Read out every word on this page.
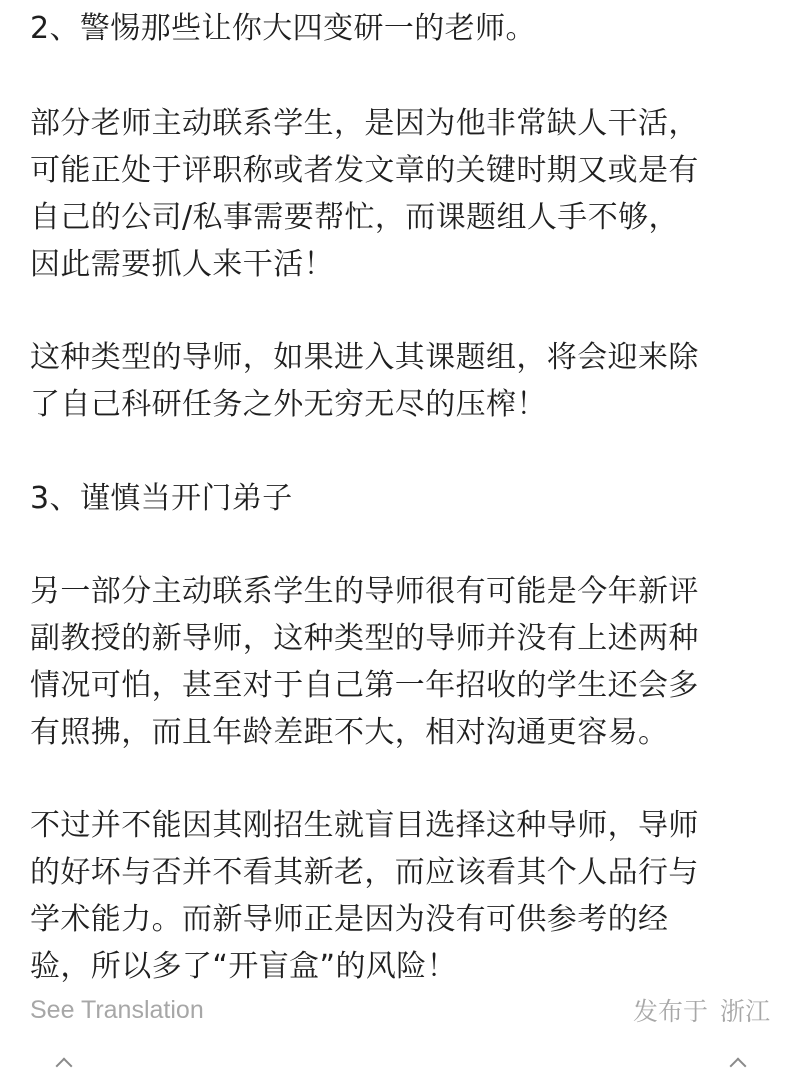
2、警惕那些让你大四变研一的老师。

部分老师主动联系学生，是因为他非常缺人干活，
可能正处于评职称或者发文章的关键时期又或是有
自己的公司/私事需要帮忙，而课题组人手不够，
因此需要抓人来干活！

这种类型的导师，如果进入其课题组，将会迎来除
了自己科研任务之外无穷无尽的压榨！

3、谨慎当开门弟子

另一部分主动联系学生的导师很有可能是今年新评
副教授的新导师，这种类型的导师并没有上述两种
情况可怕，甚至对于自己第一年招收的学生还会多
有照拂，而且年龄差距不大，相对沟通更容易。

不过并不能因其刚招生就盲目选择这种导师，导师
的好坏与否并不看其新老，而应该看其个人品行与
学术能力。而新导师正是因为没有可供参考的经
验，所以多了“开盲盒”的风险！

See Translation	发布于 浙江
